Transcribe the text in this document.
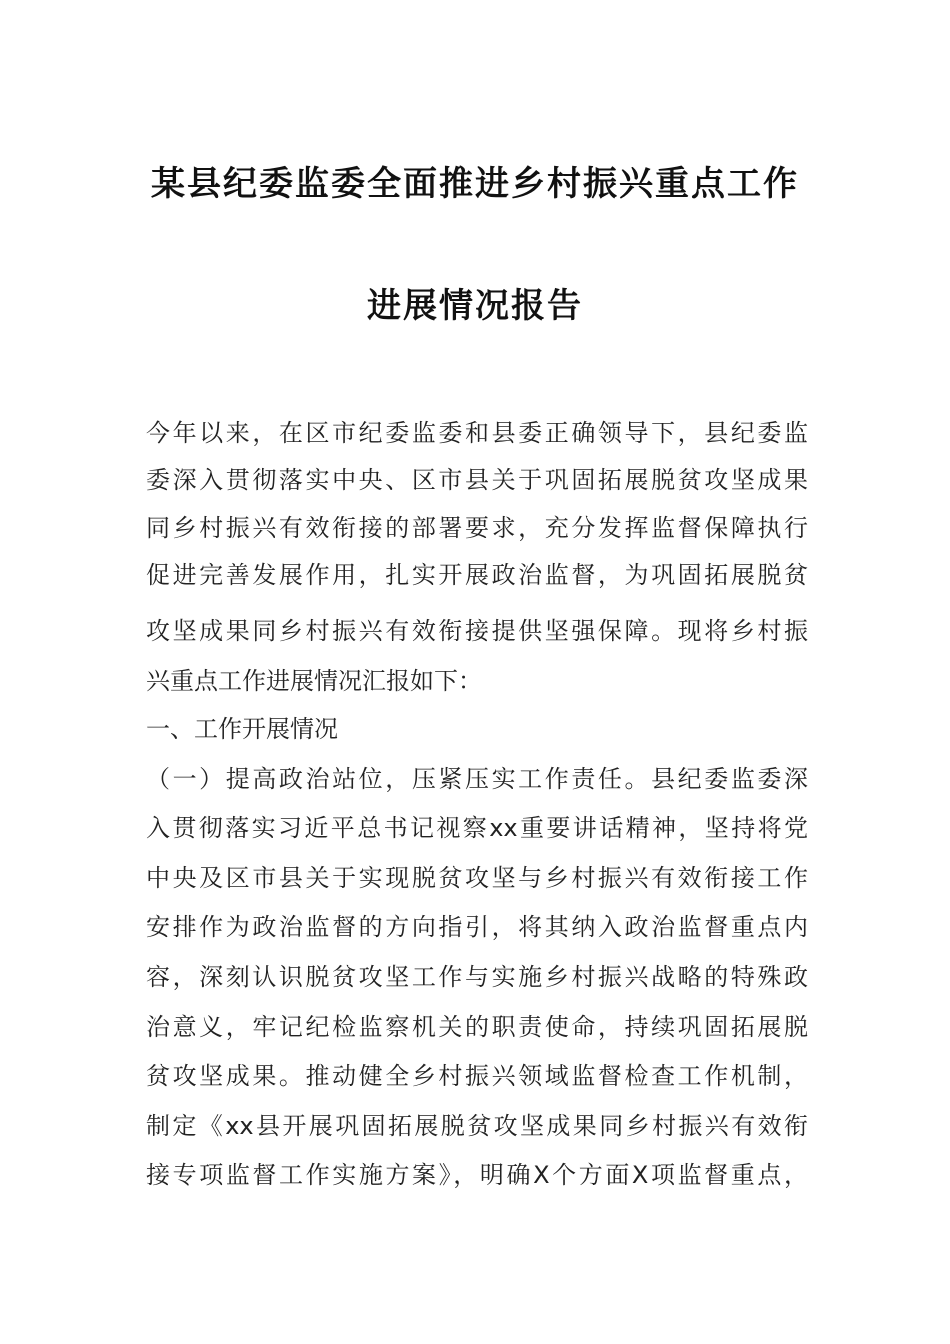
某县纪委监委全面推进乡村振兴重点工作
进展情况报告
今年以来，在区市纪委监委和县委正确领导下，县纪委监
委深入贯彻落实中央、区市县关于巩固拓展脱贫攻坚成果
同乡村振兴有效衔接的部署要求，充分发挥监督保障执行
促进完善发展作用，扎实开展政治监督，为巩固拓展脱贫
攻坚成果同乡村振兴有效衔接提供坚强保障。现将乡村振
兴重点工作进展情况汇报如下：
一、工作开展情况
（一）提高政治站位，压紧压实工作责任。县纪委监委深
入贯彻落实习近平总书记视察xx重要讲话精神，坚持将党
中央及区市县关于实现脱贫攻坚与乡村振兴有效衔接工作
安排作为政治监督的方向指引，将其纳入政治监督重点内
容，深刻认识脱贫攻坚工作与实施乡村振兴战略的特殊政
治意义，牢记纪检监察机关的职责使命，持续巩固拓展脱
贫攻坚成果。推动健全乡村振兴领域监督检查工作机制，
制定《xx县开展巩固拓展脱贫攻坚成果同乡村振兴有效衔
接专项监督工作实施方案》，明确X个方面X项监督重点，
